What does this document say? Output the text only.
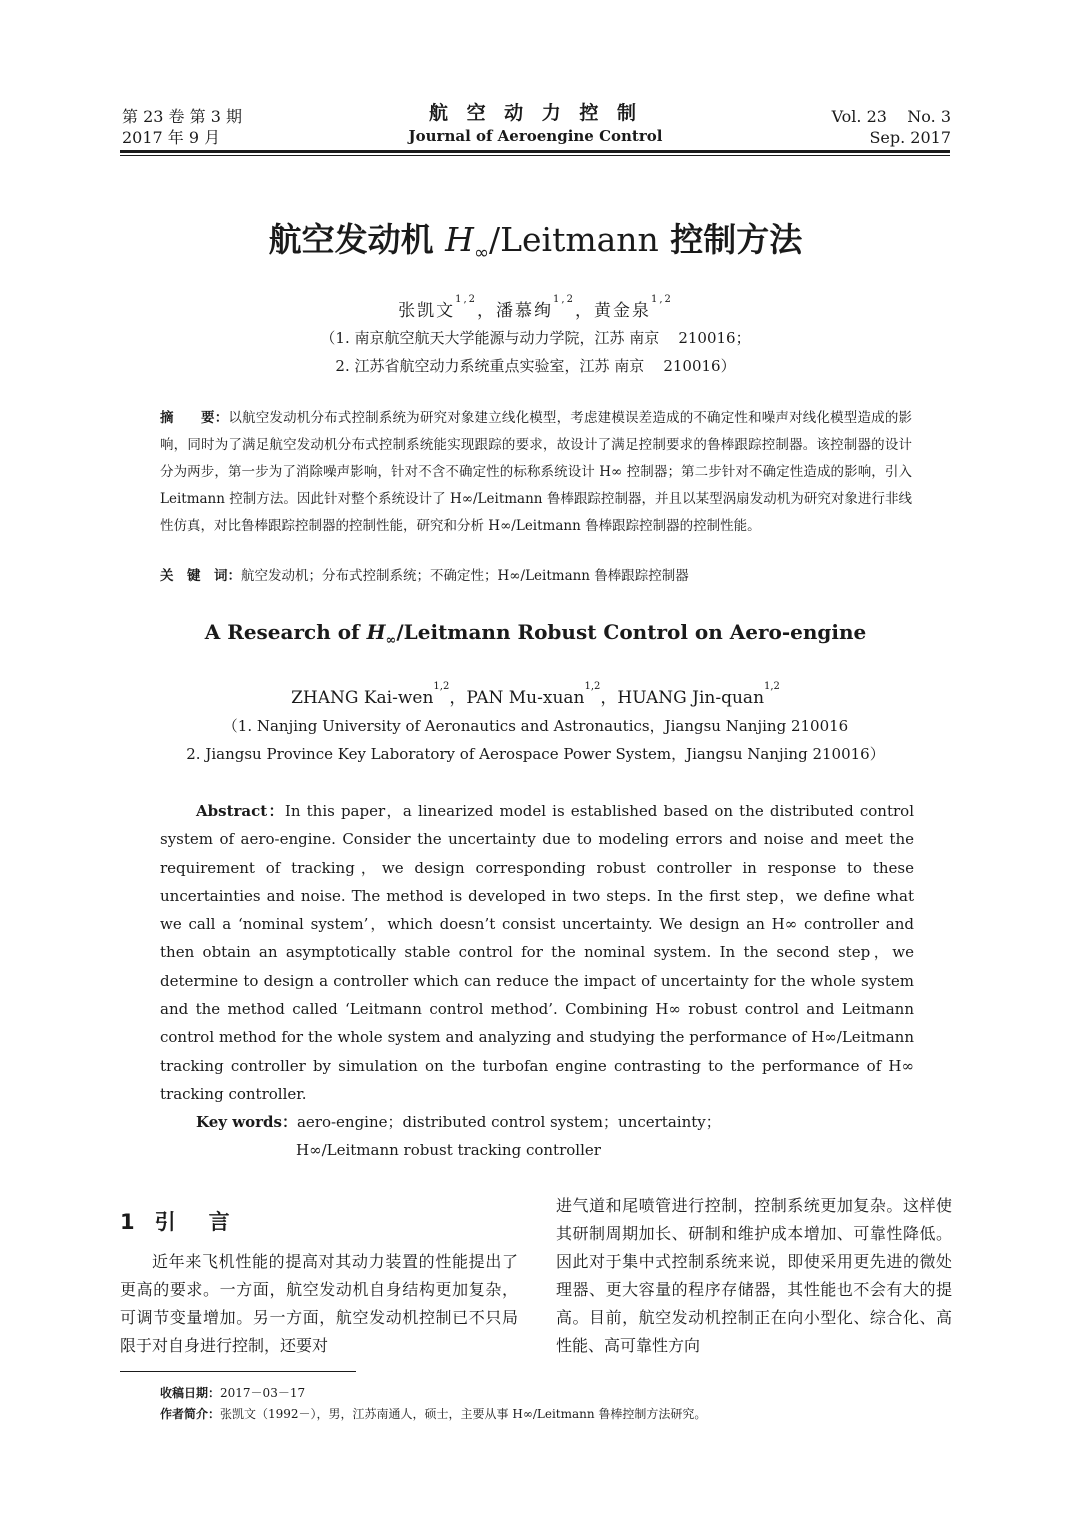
第 23 卷 第 3 期
2017 年 9 月
航 空 动 力 控 制
Journal of Aeroengine Control
Vol. 23    No. 3
Sep. 2017
航空发动机 $H_\infty$/Leitmann 控制方法
张凯文$^{1,2}$，潘慕绚$^{1,2}$，黄金泉$^{1,2}$
（1. 南京航空航天大学能源与动力学院，江苏 南京    210016；
2. 江苏省航空动力系统重点实验室，江苏 南京    210016）
摘　　要：以航空发动机分布式控制系统为研究对象建立线化模型，考虑建模误差造成的不确定性和噪声对线化模型造成的影响，同时为了满足航空发动机分布式控制系统能实现跟踪的要求，故设计了满足控制要求的鲁棒跟踪控制器。该控制器的设计分为两步，第一步为了消除噪声影响，针对不含不确定性的标称系统设计 H∞ 控制器；第二步针对不确定性造成的影响，引入 Leitmann 控制方法。因此针对整个系统设计了 H∞/Leitmann 鲁棒跟踪控制器，并且以某型涡扇发动机为研究对象进行非线性仿真，对比鲁棒跟踪控制器的控制性能，研究和分析 H∞/Leitmann 鲁棒跟踪控制器的控制性能。
关　键　词：航空发动机；分布式控制系统；不确定性；H∞/Leitmann 鲁棒跟踪控制器
A Research of $H_\infty$/Leitmann Robust Control on Aero-engine
ZHANG Kai-wen$^{1,2}$，PAN Mu-xuan$^{1,2}$，HUANG Jin-quan$^{1,2}$
（1. Nanjing University of Aeronautics and Astronautics，Jiangsu Nanjing 210016
2. Jiangsu Province Key Laboratory of Aerospace Power System，Jiangsu Nanjing 210016）
Abstract：In this paper，a linearized model is established based on the distributed control system of aero-engine. Consider the uncertainty due to modeling errors and noise and meet the requirement of tracking，we design corresponding robust controller in response to these uncertainties and noise. The method is developed in two steps. In the first step，we define what we call a ‘nominal system’，which doesn’t consist uncertainty. We design an H∞ controller and then obtain an asymptotically stable control for the nominal system. In the second step，we determine to design a controller which can reduce the impact of uncertainty for the whole system and the method called ‘Leitmann control method’. Combining H∞ robust control and Leitmann control method for the whole system and analyzing and studying the performance of H∞/Leitmann tracking controller by simulation on the turbofan engine contrasting to the performance of H∞ tracking controller.
Key words：aero-engine；distributed control system；uncertainty；
H∞/Leitmann robust tracking controller
1 引　言
近年来飞机性能的提高对其动力装置的性能提出了更高的要求。一方面，航空发动机自身结构更加复杂，可调节变量增加。另一方面，航空发动机控制已不只局限于对自身进行控制，还要对
进气道和尾喷管进行控制，控制系统更加复杂。这样使其研制周期加长、研制和维护成本增加、可靠性降低。因此对于集中式控制系统来说，即使采用更先进的微处理器、更大容量的程序存储器，其性能也不会有大的提高。目前，航空发动机控制正在向小型化、综合化、高性能、高可靠性方向
收稿日期：2017－03－17
作者简介：张凯文（1992－），男，江苏南通人，硕士，主要从事 H∞/Leitmann 鲁棒控制方法研究。
